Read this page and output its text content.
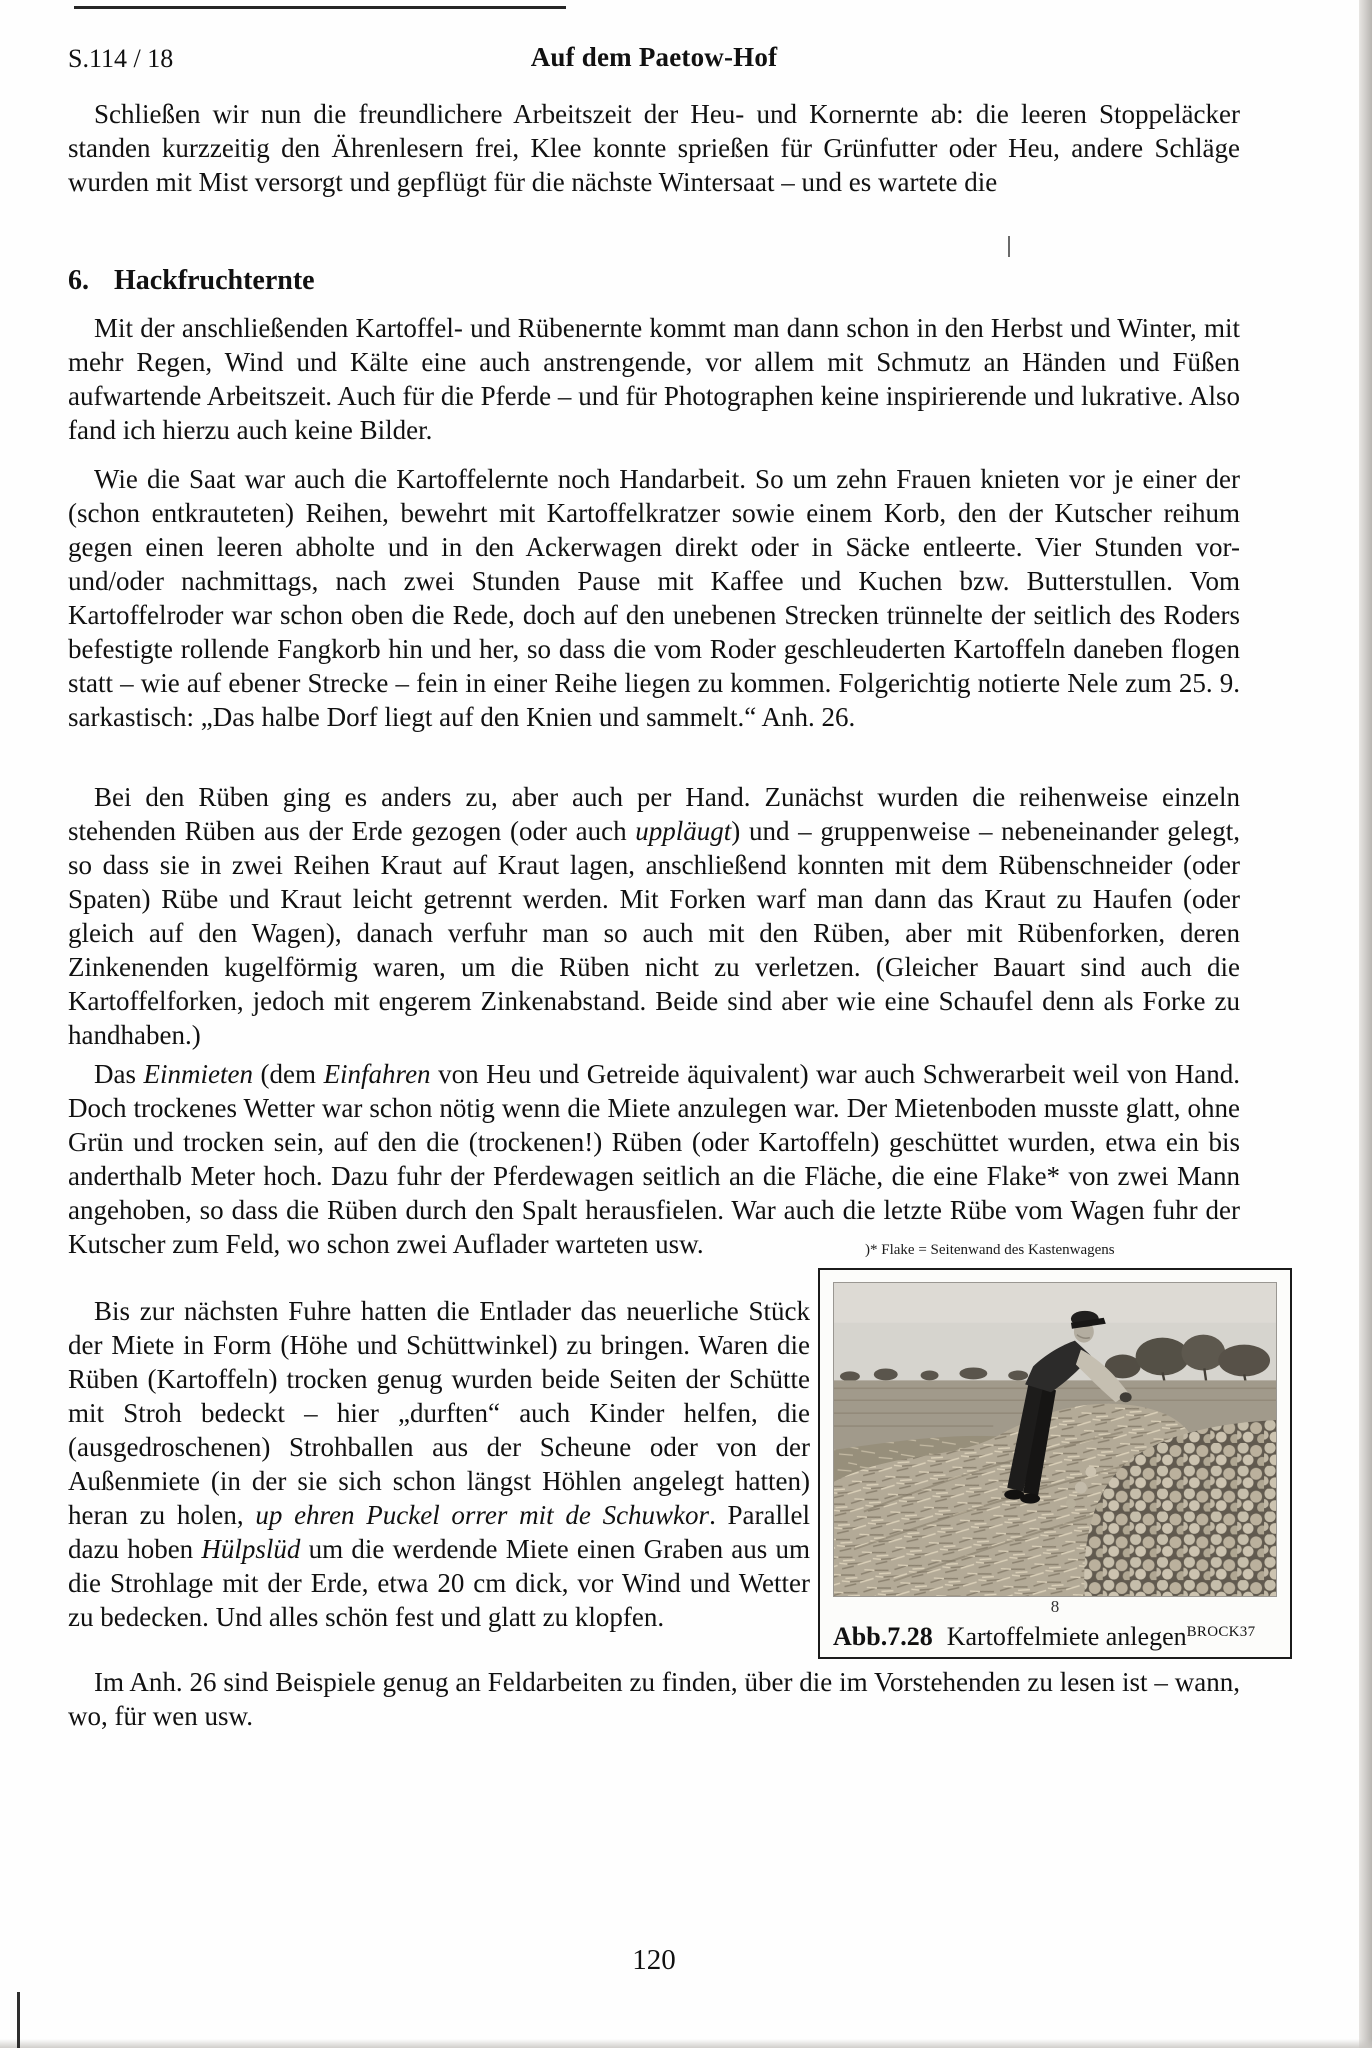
S.114 / 18	Auf dem Paetow-Hof

Schließen wir nun die freundlichere Arbeitszeit der Heu- und Kornernte ab: die leeren Stoppeläcker standen kurzzeitig den Ährenlesern frei, Klee konnte sprießen für Grünfutter oder Heu, andere Schläge wurden mit Mist versorgt und gepflügt für die nächste Wintersaat – und es wartete die

6. Hackfruchternte

Mit der anschließenden Kartoffel- und Rübenernte kommt man dann schon in den Herbst und Winter, mit mehr Regen, Wind und Kälte eine auch anstrengende, vor allem mit Schmutz an Händen und Füßen aufwartende Arbeitszeit. Auch für die Pferde – und für Photographen keine inspirierende und lukrative. Also fand ich hierzu auch keine Bilder.

Wie die Saat war auch die Kartoffelernte noch Handarbeit. So um zehn Frauen knieten vor je einer der (schon entkrauteten) Reihen, bewehrt mit Kartoffelkratzer sowie einem Korb, den der Kutscher reihum gegen einen leeren abholte und in den Ackerwagen direkt oder in Säcke entleerte. Vier Stunden vor- und/oder nachmittags, nach zwei Stunden Pause mit Kaffee und Kuchen bzw. Butterstullen. Vom Kartoffelroder war schon oben die Rede, doch auf den unebenen Strecken trünnelte der seitlich des Roders befestigte rollende Fangkorb hin und her, so dass die vom Roder geschleuderten Kartoffeln daneben flogen statt – wie auf ebener Strecke – fein in einer Reihe liegen zu kommen. Folgerichtig notierte Nele zum 25. 9. sarkastisch: „Das halbe Dorf liegt auf den Knien und sammelt.“ Anh. 26.

Bei den Rüben ging es anders zu, aber auch per Hand. Zunächst wurden die reihenweise einzeln stehenden Rüben aus der Erde gezogen (oder auch uppläugt) und – gruppenweise – nebeneinander gelegt, so dass sie in zwei Reihen Kraut auf Kraut lagen, anschließend konnten mit dem Rübenschneider (oder Spaten) Rübe und Kraut leicht getrennt werden. Mit Forken warf man dann das Kraut zu Haufen (oder gleich auf den Wagen), danach verfuhr man so auch mit den Rüben, aber mit Rübenforken, deren Zinkenenden kugelförmig waren, um die Rüben nicht zu verletzen. (Gleicher Bauart sind auch die Kartoffelforken, jedoch mit engerem Zinkenabstand. Beide sind aber wie eine Schaufel denn als Forke zu handhaben.)

Das Einmieten (dem Einfahren von Heu und Getreide äquivalent) war auch Schwerarbeit weil von Hand. Doch trockenes Wetter war schon nötig wenn die Miete anzulegen war. Der Mietenboden musste glatt, ohne Grün und trocken sein, auf den die (trockenen!) Rüben (oder Kartoffeln) geschüttet wurden, etwa ein bis anderthalb Meter hoch. Dazu fuhr der Pferdewagen seitlich an die Fläche, die eine Flake* von zwei Mann angehoben, so dass die Rüben durch den Spalt herausfielen. War auch die letzte Rübe vom Wagen fuhr der Kutscher zum Feld, wo schon zwei Auflader warteten usw.	)* Flake = Seitenwand des Kastenwagens

Bis zur nächsten Fuhre hatten die Entlader das neuerliche Stück der Miete in Form (Höhe und Schüttwinkel) zu bringen. Waren die Rüben (Kartoffeln) trocken genug wurden beide Seiten der Schütte mit Stroh bedeckt – hier „durften“ auch Kinder helfen, die (ausgedroschenen) Strohballen aus der Scheune oder von der Außenmiete (in der sie sich schon längst Höhlen angelegt hatten) heran zu holen, up ehren Puckel orrer mit de Schuwkor. Parallel dazu hoben Hülpslüd um die werdende Miete einen Graben aus um die Strohlage mit der Erde, etwa 20 cm dick, vor Wind und Wetter zu bedecken. Und alles schön fest und glatt zu klopfen.

Im Anh. 26 sind Beispiele genug an Feldarbeiten zu finden, über die im Vorstehenden zu lesen ist – wann, wo, für wen usw.

8
Abb.7.28 Kartoffelmiete anlegen$^{BROCK37}$
120
